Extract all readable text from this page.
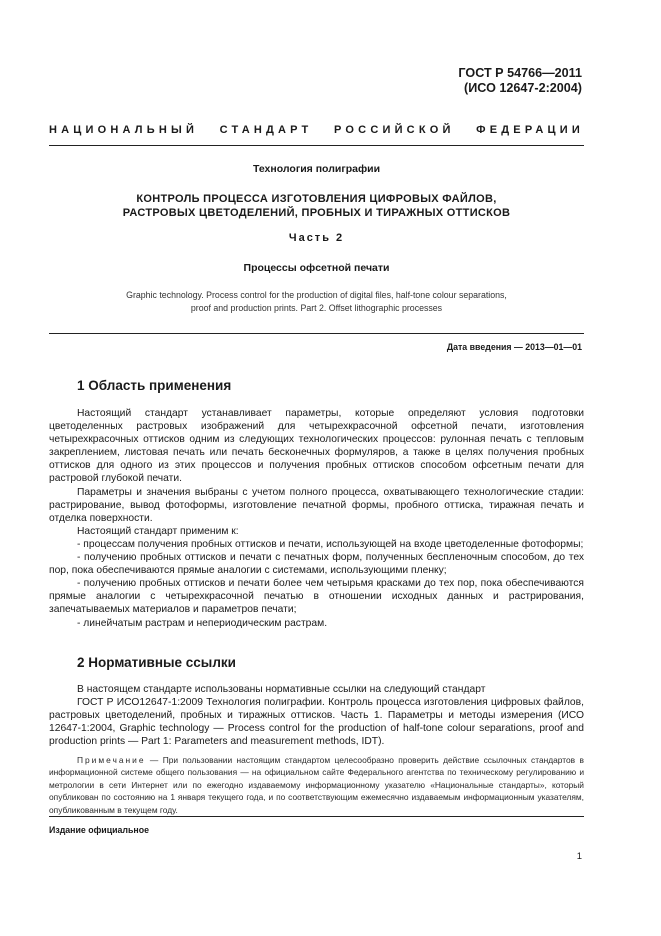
ГОСТ Р 54766—2011
(ИСО 12647-2:2004)
НАЦИОНАЛЬНЫЙ СТАНДАРТ РОССИЙСКОЙ ФЕДЕРАЦИИ
Технология полиграфии
КОНТРОЛЬ ПРОЦЕССА ИЗГОТОВЛЕНИЯ ЦИФРОВЫХ ФАЙЛОВ,
РАСТРОВЫХ ЦВЕТОДЕЛЕНИЙ, ПРОБНЫХ И ТИРАЖНЫХ ОТТИСКОВ
Часть 2
Процессы офсетной печати
Graphic technology. Process control for the production of digital files, half-tone colour separations,
proof and production prints. Part 2. Offset lithographic processes
Дата введения — 2013—01—01
1 Область применения

Настоящий стандарт устанавливает параметры, которые определяют условия подготовки цветоделенных растровых изображений для четырехкрасочной офсетной печати, изготовления четырехкрасочных оттисков одним из следующих технологических процессов: рулонная печать с тепловым закреплением, листовая печать или печать бесконечных формуляров, а также в целях получения пробных оттисков для одного из этих процессов и получения пробных оттисков способом офсетным печати для растровой глубокой печати.

Параметры и значения выбраны с учетом полного процесса, охватывающего технологические стадии: растрирование, вывод фотоформы, изготовление печатной формы, пробного оттиска, тиражная печать и отделка поверхности.

Настоящий стандарт применим к:

- процессам получения пробных оттисков и печати, использующей на входе цветоделенные фотоформы;

- получению пробных оттисков и печати с печатных форм, полученных беспленочным способом, до тех пор, пока обеспечиваются прямые аналогии с системами, использующими пленку;

- получению пробных оттисков и печати более чем четырьмя красками до тех пор, пока обеспечиваются прямые аналогии с четырехкрасочной печатью в отношении исходных данных и растрирования, запечатываемых материалов и параметров печати;

- линейчатым растрам и непериодическим растрам.

2 Нормативные ссылки

В настоящем стандарте использованы нормативные ссылки на следующий стандарт

ГОСТ Р ИСО12647-1:2009 Технология полиграфии. Контроль процесса изготовления цифровых файлов, растровых цветоделений, пробных и тиражных оттисков. Часть 1. Параметры и методы измерения (ИСО 12647-1:2004, Graphic technology — Process control for the production of half-tone colour separations, proof and production prints — Part 1: Parameters and measurement methods, IDT).

Примечание — При пользовании настоящим стандартом целесообразно проверить действие ссылочных стандартов в информационной системе общего пользования — на официальном сайте Федерального агентства по техническому регулированию и метрологии в сети Интернет или по ежегодно издаваемому информационному указателю «Национальные стандарты», который опубликован по состоянию на 1 января текущего года, и по соответствующим ежемесячно издаваемым информационным указателям, опубликованным в текущем году.
Издание официальное
1
